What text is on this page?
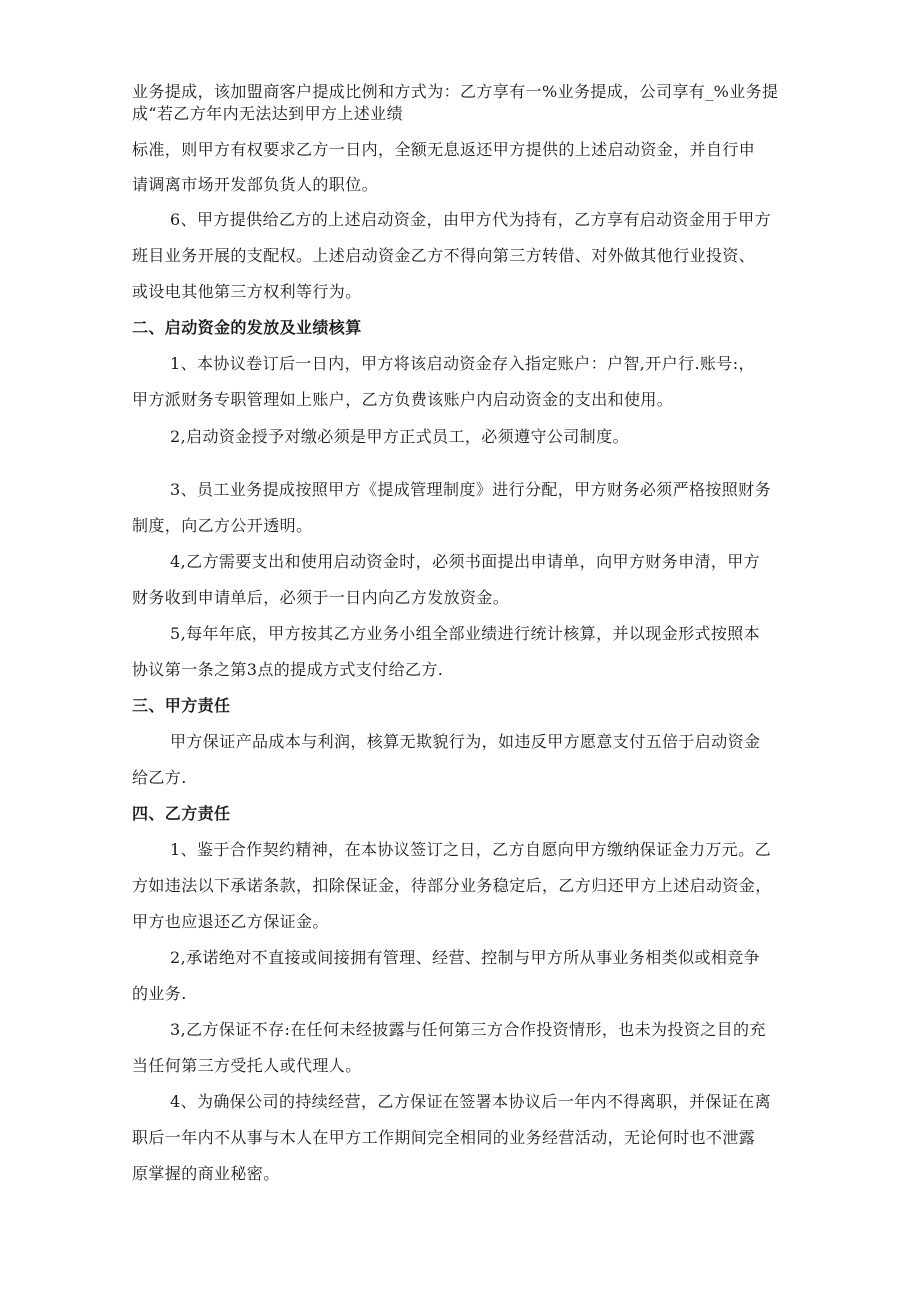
业务提成，该加盟商客户提成比例和方式为：乙方享有一%业务提成，公司享有_%业务提
成“若乙方年内无法达到甲方上述业绩
标准，则甲方有权要求乙方一日内，全额无息返还甲方提供的上述启动资金，并自行申
请调离市场开发部负货人的职位。
6、甲方提供给乙方的上述启动资金，由甲方代为持有，乙方享有启动资金用于甲方
班目业务开展的支配权。上述启动资金乙方不得向第三方转借、对外做其他行业投资、
或设电其他第三方权利等行为。
二、启动资金的发放及业绩核算
1、本协议卷订后一日内，甲方将该启动资金存入指定账户：户智,开户行.账号:，
甲方派财务专职管理如上账户，乙方负费该账户内启动资金的支出和使用。
2,启动资金授予对缴必须是甲方正式员工，必须遵守公司制度。
3、员工业务提成按照甲方《提成管理制度》进行分配，甲方财务必须严格按照财务
制度，向乙方公开透明。
4,乙方需要支出和使用启动资金时，必须书面提出申请单，向甲方财务申清，甲方
财务收到申请单后，必须于一日内向乙方发放资金。
5,每年年底，甲方按其乙方业务小组全部业绩进行统计核算，并以现金形式按照本
协议第一条之第3点的提成方式支付给乙方.
三、甲方责任
甲方保证产品成本与利润，核算无欺貌行为，如违反甲方愿意支付五倍于启动资金
给乙方.
四、乙方责任
1、鉴于合作契约精神，在本协议签订之日，乙方自愿向甲方缴纳保证金力万元。乙
方如违法以下承诺条款，扣除保证金，待部分业务稳定后，乙方归还甲方上述启动资金，
甲方也应退还乙方保证金。
2,承诺绝对不直接或间接拥有管理、经营、控制与甲方所从事业务相类似或相竞争
的业务.
3,乙方保证不存:在任何未经披露与任何第三方合作投资情形，也未为投资之目的充
当任何第三方受托人或代理人。
4、为确保公司的持续经营，乙方保证在签署本协议后一年内不得离职，并保证在离
职后一年内不从事与木人在甲方工作期间完全相同的业务经营活动，无论何时也不泄露
原掌握的商业秘密。
